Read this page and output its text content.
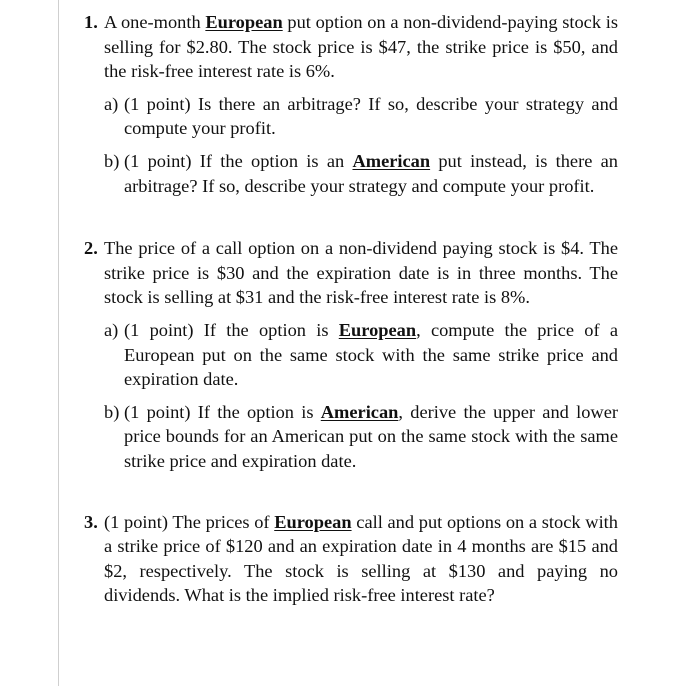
1. A one-month European put option on a non-dividend-paying stock is selling for $2.80. The stock price is $47, the strike price is $50, and the risk-free interest rate is 6%.

a) (1 point) Is there an arbitrage? If so, describe your strategy and compute your profit.
b) (1 point) If the option is an American put instead, is there an arbitrage? If so, describe your strategy and compute your profit.
2. The price of a call option on a non-dividend paying stock is $4. The strike price is $30 and the expiration date is in three months. The stock is selling at $31 and the risk-free interest rate is 8%.

a) (1 point) If the option is European, compute the price of a European put on the same stock with the same strike price and expiration date.
b) (1 point) If the option is American, derive the upper and lower price bounds for an American put on the same stock with the same strike price and expiration date.
3. (1 point) The prices of European call and put options on a stock with a strike price of $120 and an expiration date in 4 months are $15 and $2, respectively. The stock is selling at $130 and paying no dividends. What is the implied risk-free interest rate?
